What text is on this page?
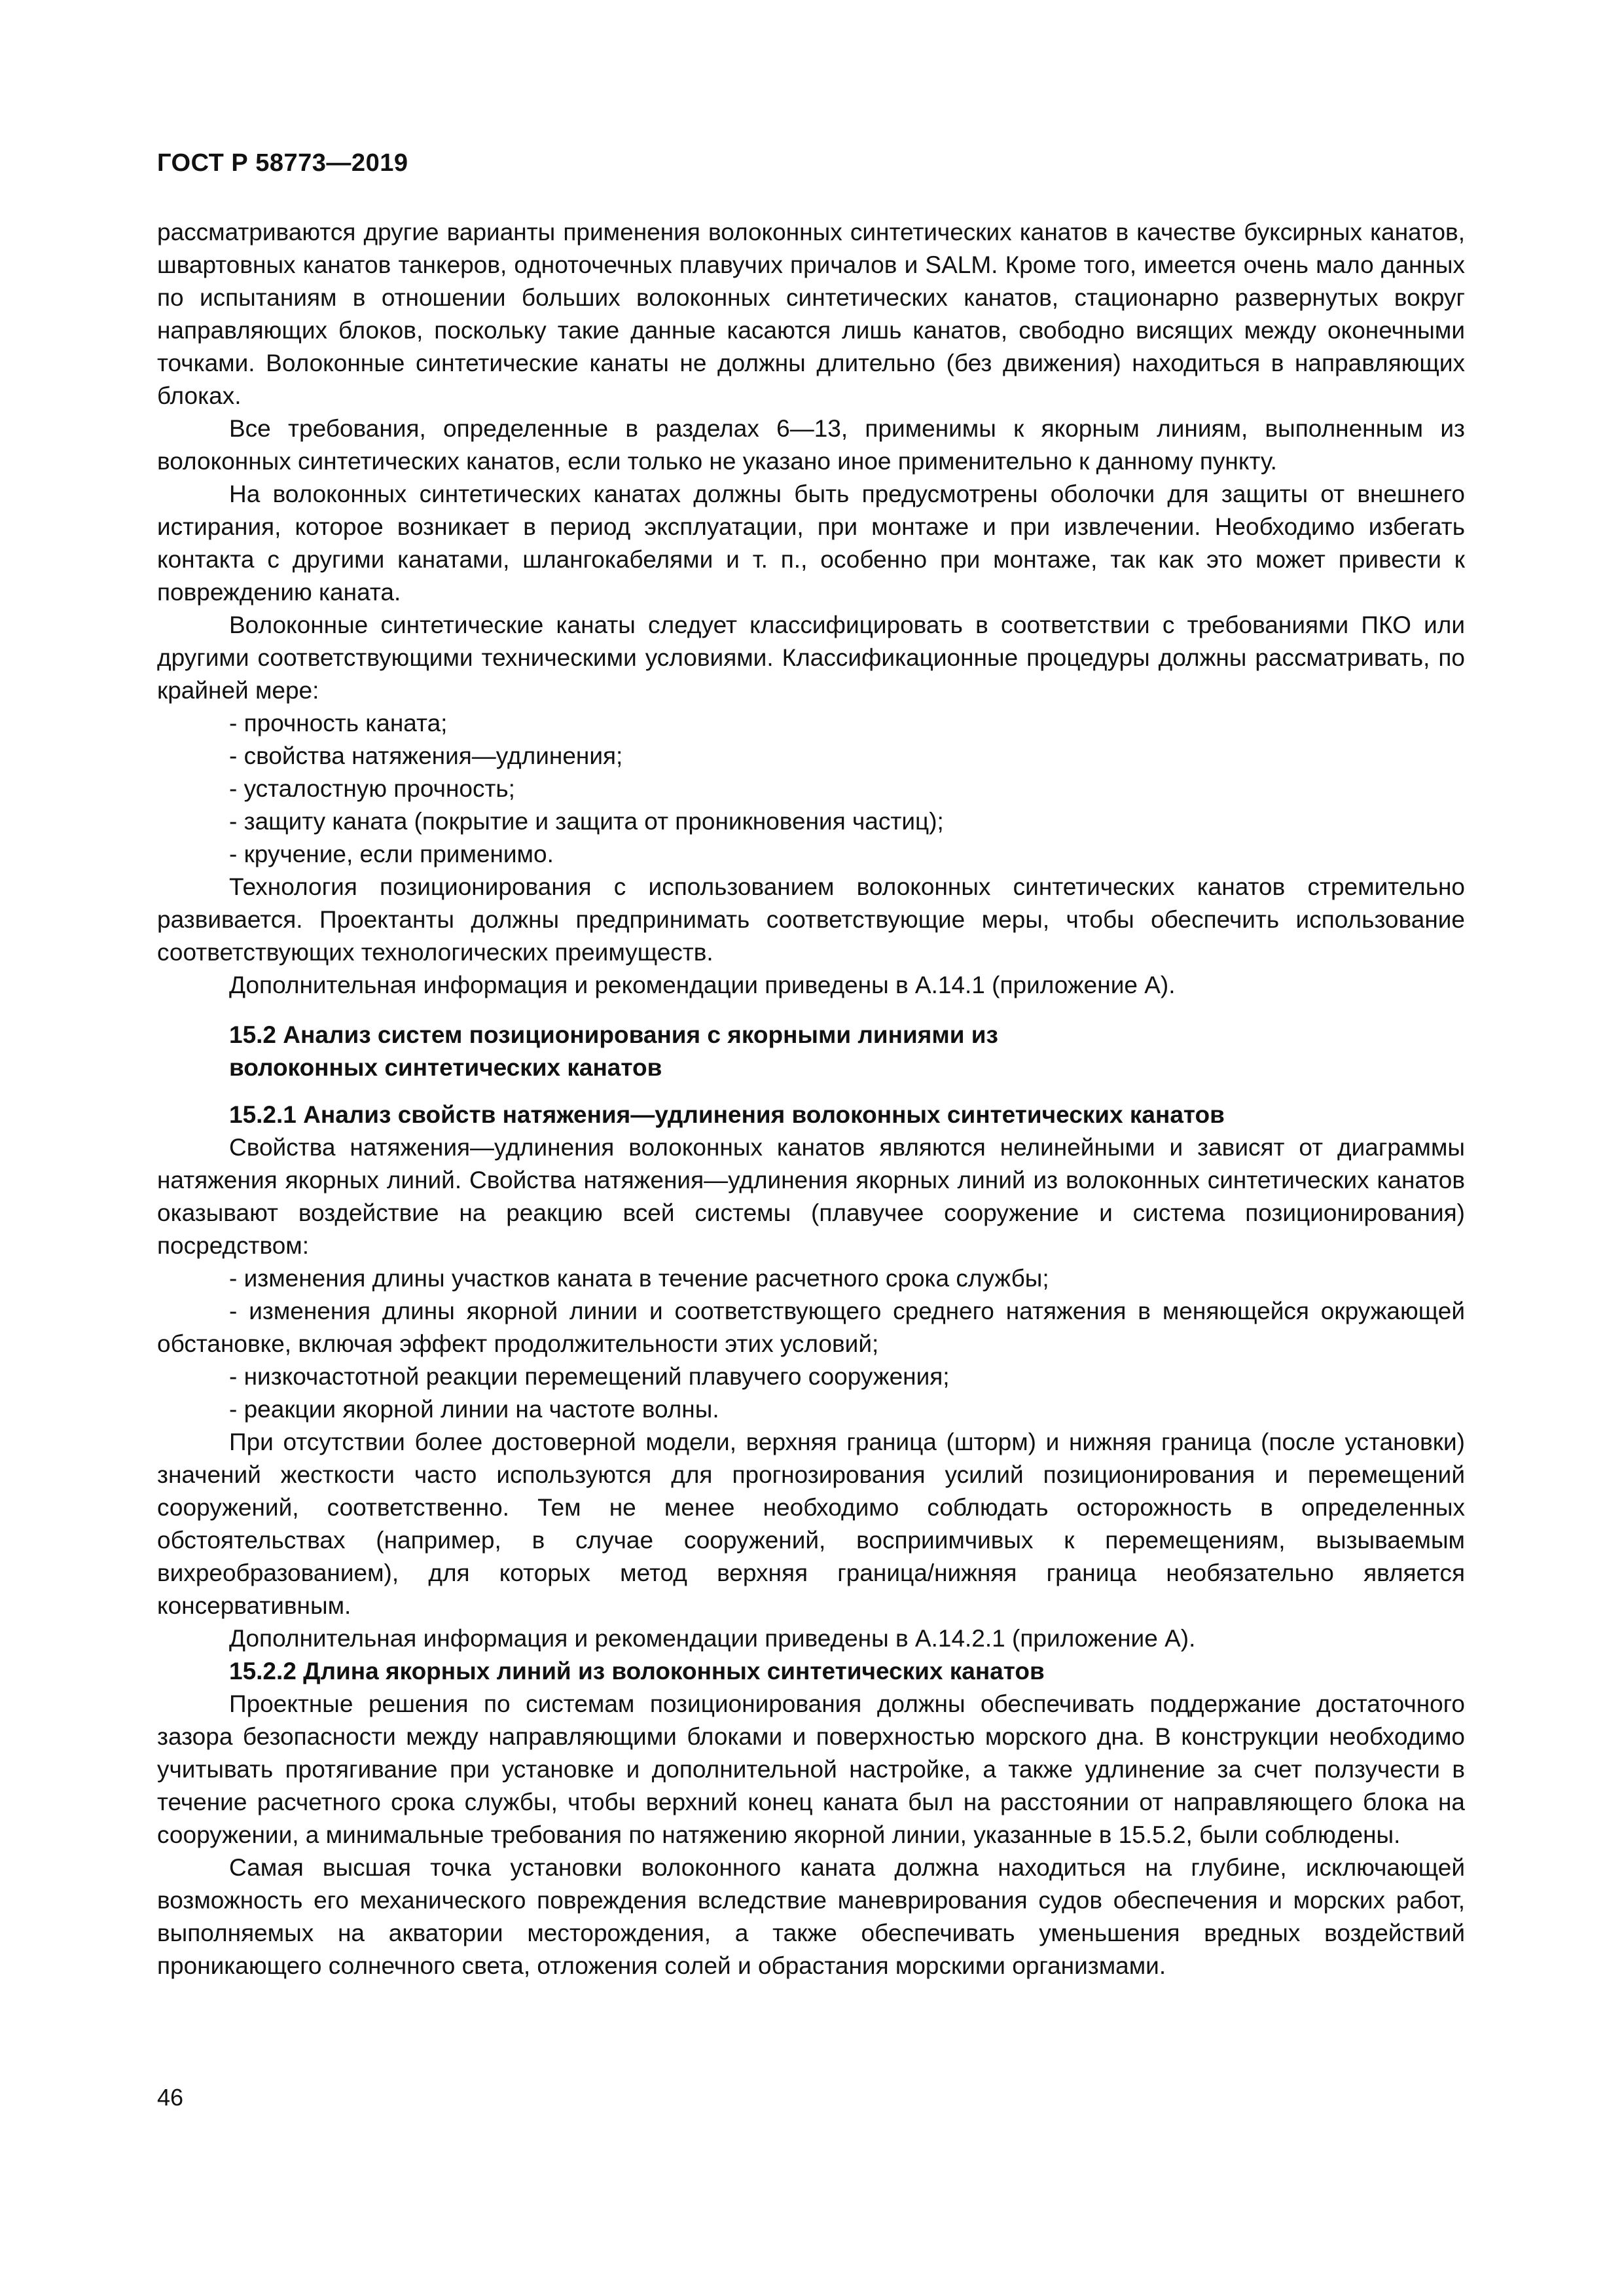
ГОСТ Р 58773—2019

рассматриваются другие варианты применения волоконных синтетических канатов в качестве буксирных канатов, швартовных канатов танкеров, одноточечных плавучих причалов и SALM. Кроме того, имеется очень мало данных по испытаниям в отношении больших волоконных синтетических канатов, стационарно развернутых вокруг направляющих блоков, поскольку такие данные касаются лишь канатов, свободно висящих между оконечными точками. Волоконные синтетические канаты не должны длительно (без движения) находиться в направляющих блоках.

Все требования, определенные в разделах 6—13, применимы к якорным линиям, выполненным из волоконных синтетических канатов, если только не указано иное применительно к данному пункту.

На волоконных синтетических канатах должны быть предусмотрены оболочки для защиты от внешнего истирания, которое возникает в период эксплуатации, при монтаже и при извлечении. Необходимо избегать контакта с другими канатами, шлангокабелями и т. п., особенно при монтаже, так как это может привести к повреждению каната.

Волоконные синтетические канаты следует классифицировать в соответствии с требованиями ПКО или другими соответствующими техническими условиями. Классификационные процедуры должны рассматривать, по крайней мере:

- прочность каната;

- свойства натяжения—удлинения;

- усталостную прочность;

- защиту каната (покрытие и защита от проникновения частиц);

- кручение, если применимо.

Технология позиционирования с использованием волоконных синтетических канатов стремительно развивается. Проектанты должны предпринимать соответствующие меры, чтобы обеспечить использование соответствующих технологических преимуществ.

Дополнительная информация и рекомендации приведены в А.14.1 (приложение А).

15.2 Анализ систем позиционирования с якорными линиями из волоконных синтетических канатов

15.2.1 Анализ свойств натяжения—удлинения волоконных синтетических канатов

Свойства натяжения—удлинения волоконных канатов являются нелинейными и зависят от диаграммы натяжения якорных линий. Свойства натяжения—удлинения якорных линий из волоконных синтетических канатов оказывают воздействие на реакцию всей системы (плавучее сооружение и система позиционирования) посредством:

- изменения длины участков каната в течение расчетного срока службы;

- изменения длины якорной линии и соответствующего среднего натяжения в меняющейся окружающей обстановке, включая эффект продолжительности этих условий;

- низкочастотной реакции перемещений плавучего сооружения;

- реакции якорной линии на частоте волны.

При отсутствии более достоверной модели, верхняя граница (шторм) и нижняя граница (после установки) значений жесткости часто используются для прогнозирования усилий позиционирования и перемещений сооружений, соответственно. Тем не менее необходимо соблюдать осторожность в определенных обстоятельствах (например, в случае сооружений, восприимчивых к перемещениям, вызываемым вихреобразованием), для которых метод верхняя граница/нижняя граница необязательно является консервативным.

Дополнительная информация и рекомендации приведены в А.14.2.1 (приложение А).

15.2.2 Длина якорных линий из волоконных синтетических канатов

Проектные решения по системам позиционирования должны обеспечивать поддержание достаточного зазора безопасности между направляющими блоками и поверхностью морского дна. В конструкции необходимо учитывать протягивание при установке и дополнительной настройке, а также удлинение за счет ползучести в течение расчетного срока службы, чтобы верхний конец каната был на расстоянии от направляющего блока на сооружении, а минимальные требования по натяжению якорной линии, указанные в 15.5.2, были соблюдены.

Самая высшая точка установки волоконного каната должна находиться на глубине, исключающей возможность его механического повреждения вследствие маневрирования судов обеспечения и морских работ, выполняемых на акватории месторождения, а также обеспечивать уменьшения вредных воздействий проникающего солнечного света, отложения солей и обрастания морскими организмами.

46
